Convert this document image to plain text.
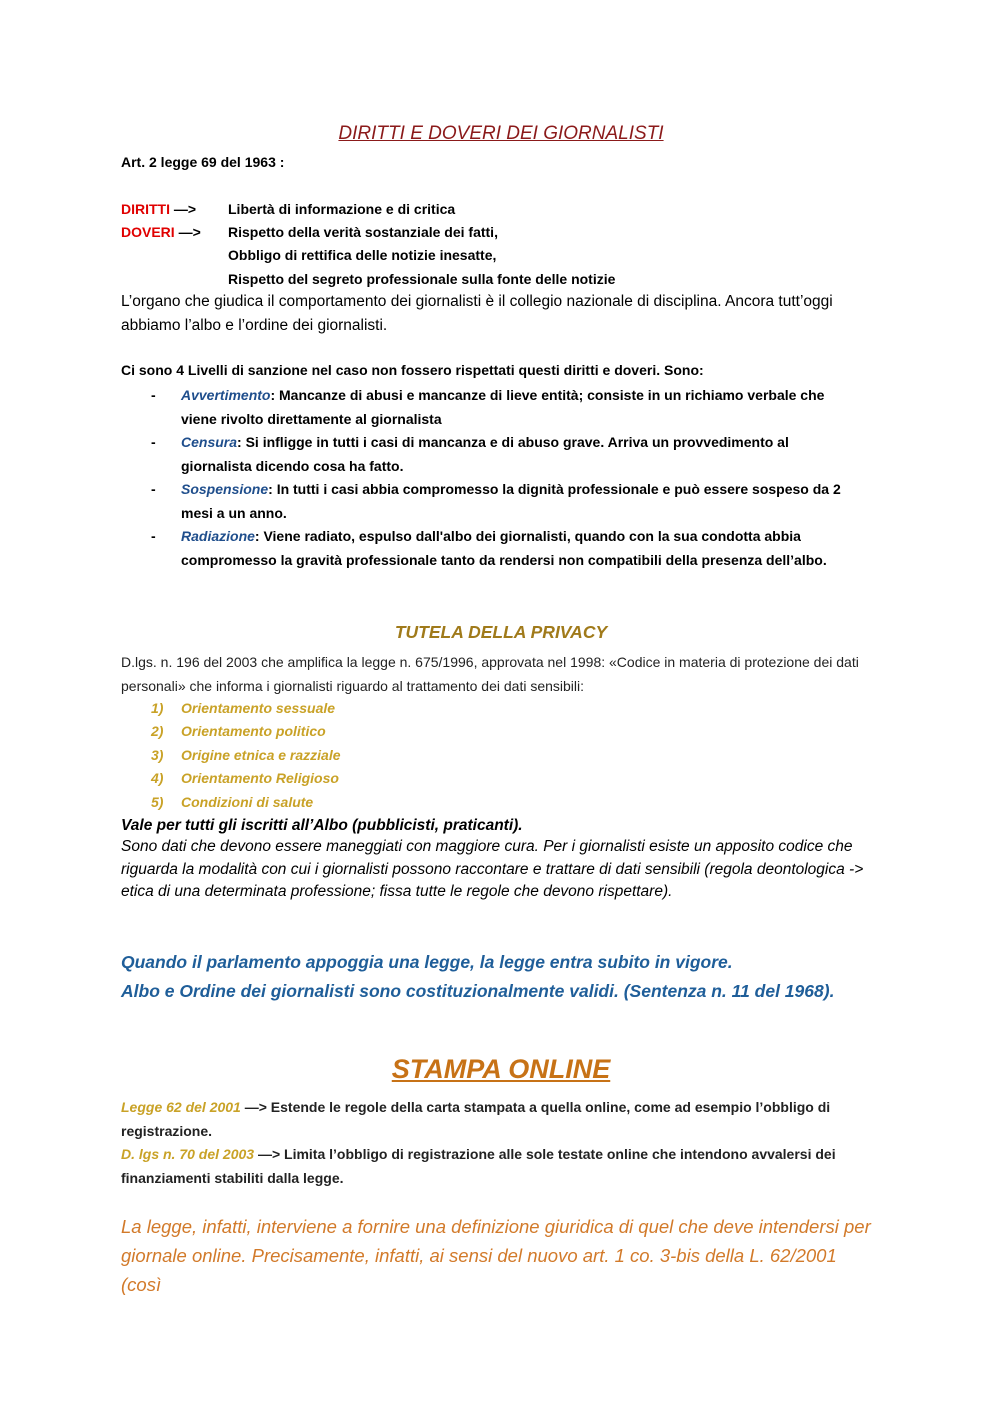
DIRITTI E DOVERI DEI GIORNALISTI
Art. 2 legge 69 del 1963 :
DIRITTI —> Libertà di informazione e di critica
DOVERI —> Rispetto della verità sostanziale dei fatti,
Obbligo di rettifica delle notizie inesatte,
Rispetto del segreto professionale sulla fonte delle notizie
L’organo che giudica il comportamento dei giornalisti è il collegio nazionale di disciplina. Ancora tutt’oggi abbiamo l’albo e l’ordine dei giornalisti.
Ci sono 4 Livelli di sanzione nel caso non fossero rispettati questi diritti e doveri. Sono:
- Avvertimento: Mancanze di abusi e mancanze di lieve entità; consiste in un richiamo verbale che viene rivolto direttamente al giornalista
- Censura: Si infligge in tutti i casi di mancanza e di abuso grave. Arriva un provvedimento al giornalista dicendo cosa ha fatto.
- Sospensione: In tutti i casi abbia compromesso la dignità professionale e può essere sospeso da 2 mesi a un anno.
- Radiazione: Viene radiato, espulso dall'albo dei giornalisti, quando con la sua condotta abbia compromesso la gravità professionale tanto da rendersi non compatibili della presenza dell’albo.
TUTELA DELLA PRIVACY
D.lgs. n. 196 del 2003 che amplifica la legge n. 675/1996, approvata nel 1998: «Codice in materia di protezione dei dati personali» che informa i giornalisti riguardo al trattamento dei dati sensibili:
1) Orientamento sessuale
2) Orientamento politico
3) Origine etnica e razziale
4) Orientamento Religioso
5) Condizioni di salute
Vale per tutti gli iscritti all’Albo (pubblicisti, praticanti).
Sono dati che devono essere maneggiati con maggiore cura. Per i giornalisti esiste un apposito codice che riguarda la modalità con cui i giornalisti possono raccontare e trattare di dati sensibili (regola deontologica -> etica di una determinata professione; fissa tutte le regole che devono rispettare).
Quando il parlamento appoggia una legge, la legge entra subito in vigore.
Albo e Ordine dei giornalisti sono costituzionalmente validi. (Sentenza n. 11 del 1968).
STAMPA ONLINE
Legge 62 del 2001 —> Estende le regole della carta stampata a quella online, come ad esempio l’obbligo di registrazione.
D. lgs n. 70 del 2003 —> Limita l’obbligo di registrazione alle sole testate online che intendono avvalersi dei finanziamenti stabiliti dalla legge.
La legge, infatti, interviene a fornire una definizione giuridica di quel che deve intendersi per giornale online. Precisamente, infatti, ai sensi del nuovo art. 1 co. 3-bis della L. 62/2001 (così
